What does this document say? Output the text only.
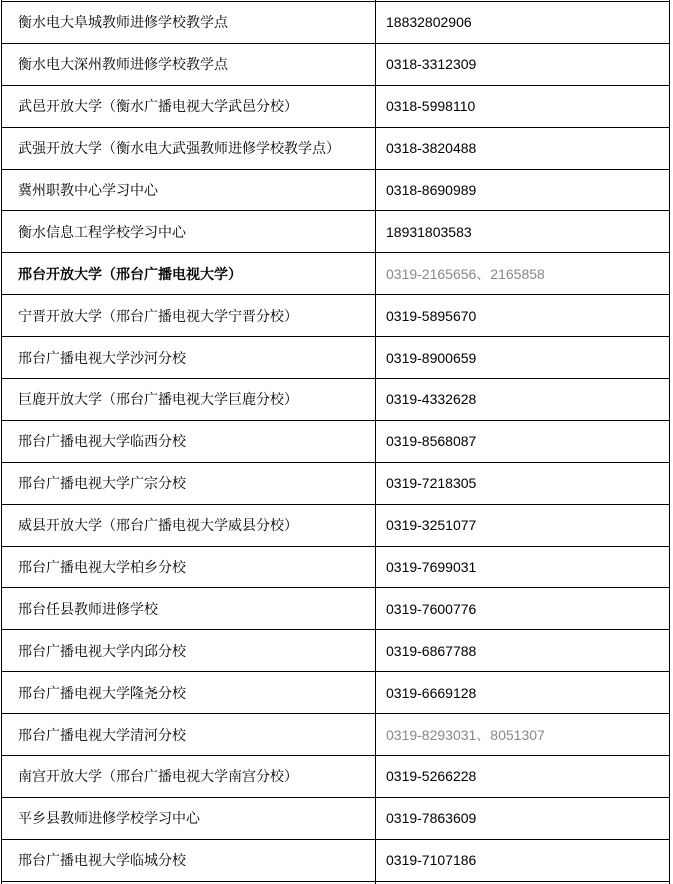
衡水电大阜城教师进修学校教学点	18832802906
衡水电大深州教师进修学校教学点	0318-3312309
武邑开放大学（衡水广播电视大学武邑分校）	0318-5998110
武强开放大学（衡水电大武强教师进修学校教学点）	0318-3820488
冀州职教中心学习中心	0318-8690989
衡水信息工程学校学习中心	18931803583
邢台开放大学（邢台广播电视大学）	0319-2165656、2165858
宁晋开放大学（邢台广播电视大学宁晋分校）	0319-5895670
邢台广播电视大学沙河分校	0319-8900659
巨鹿开放大学（邢台广播电视大学巨鹿分校）	0319-4332628
邢台广播电视大学临西分校	0319-8568087
邢台广播电视大学广宗分校	0319-7218305
威县开放大学（邢台广播电视大学威县分校）	0319-3251077
邢台广播电视大学柏乡分校	0319-7699031
邢台任县教师进修学校	0319-7600776
邢台广播电视大学内邱分校	0319-6867788
邢台广播电视大学隆尧分校	0319-6669128
邢台广播电视大学清河分校	0319-8293031、8051307
南宫开放大学（邢台广播电视大学南宫分校）	0319-5266228
平乡县教师进修学校学习中心	0319-7863609
邢台广播电视大学临城分校	0319-7107186
